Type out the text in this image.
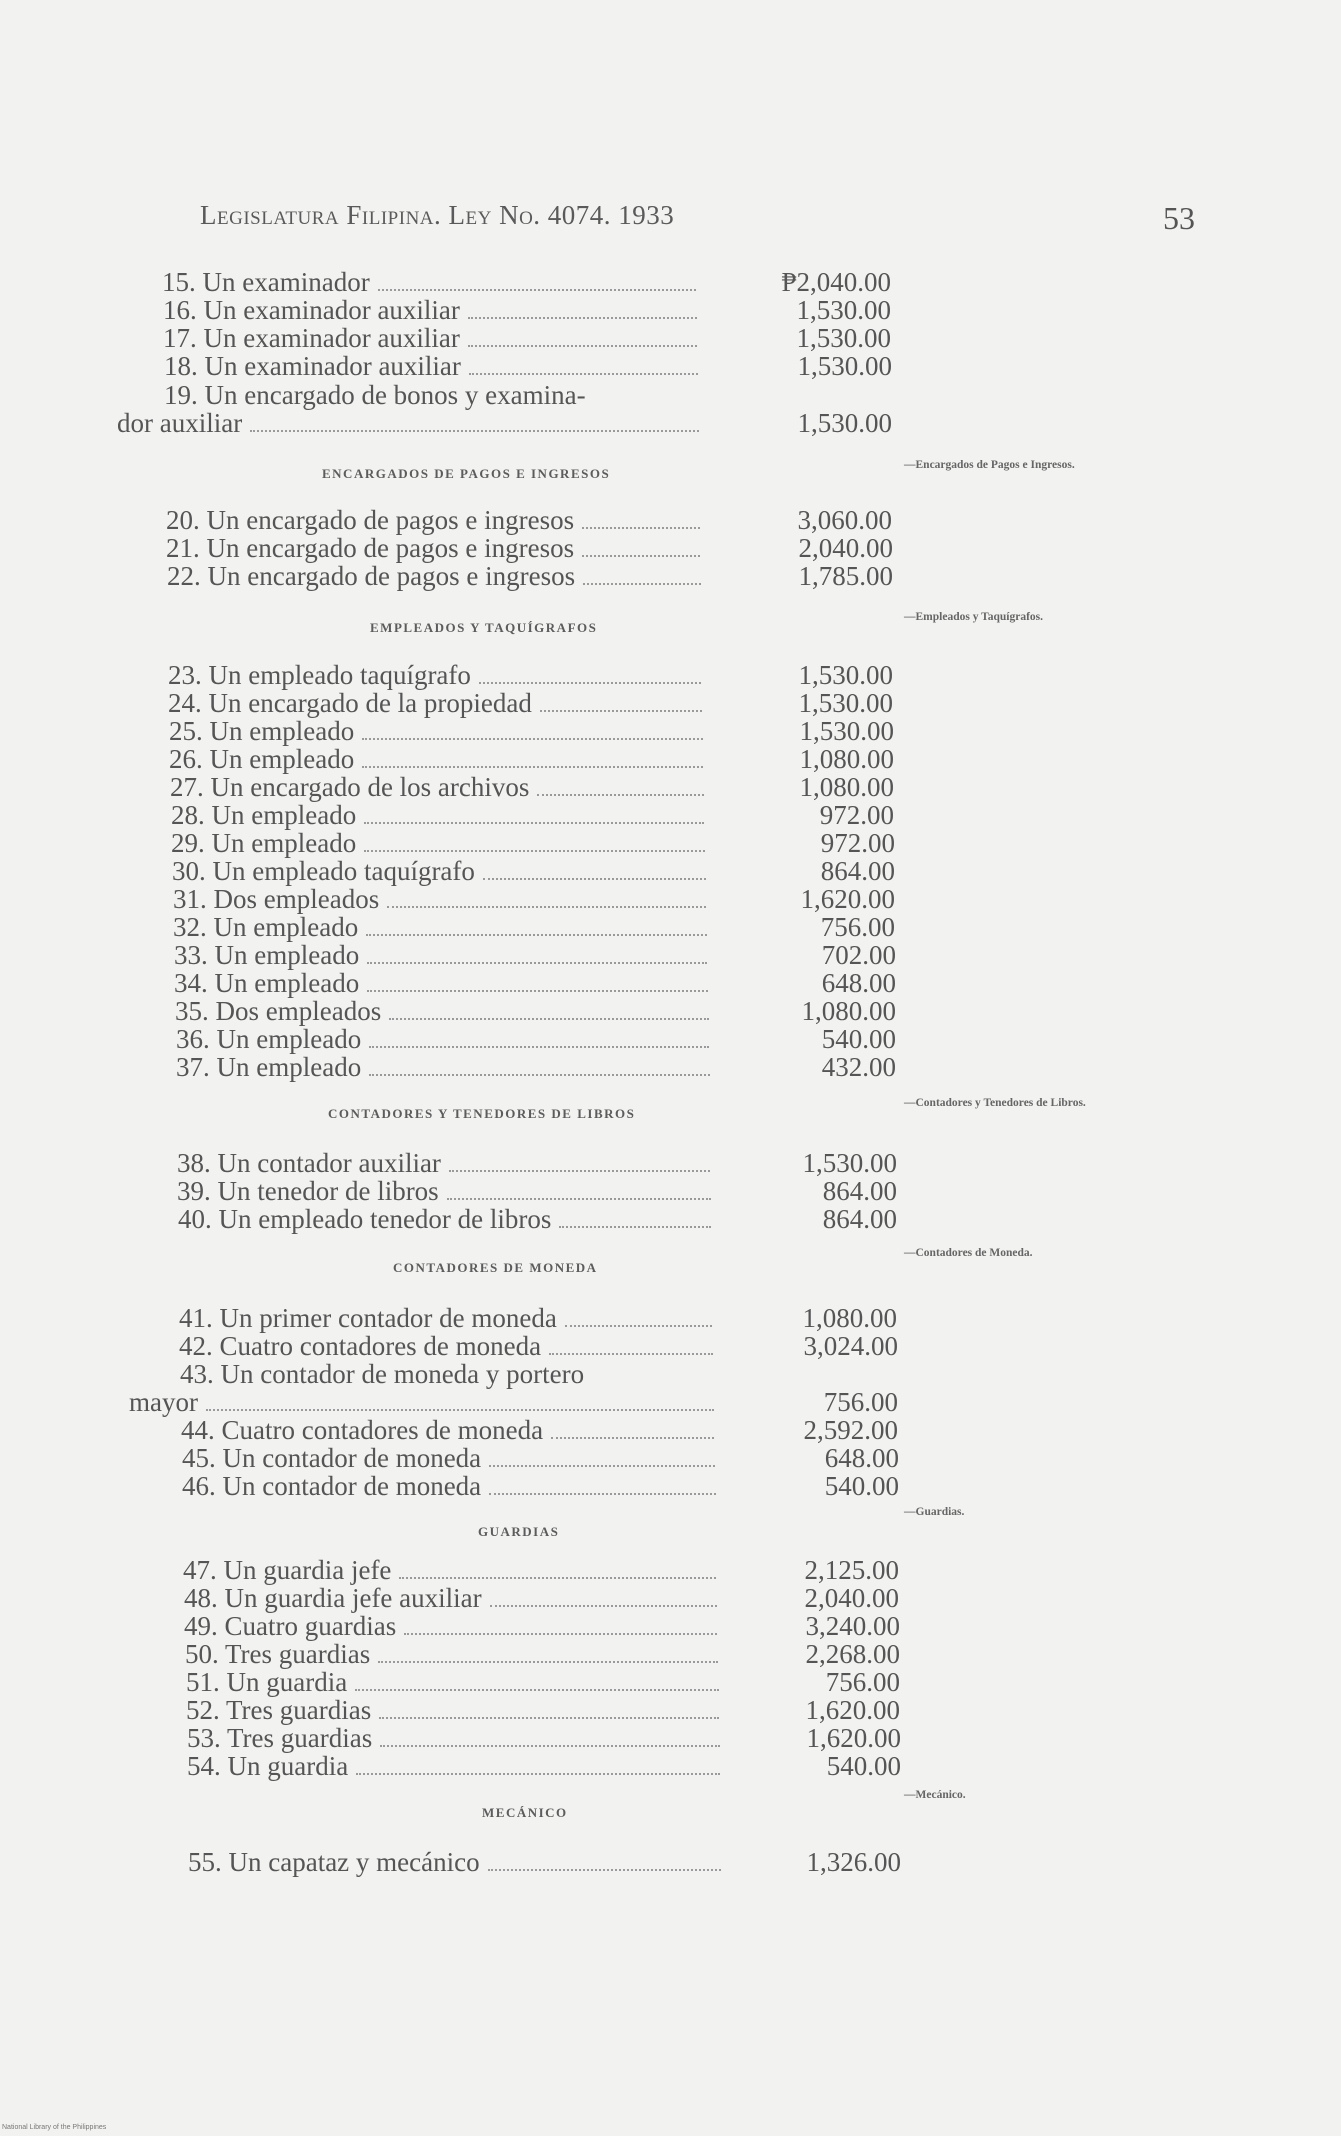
Legislatura Filipina. Ley No. 4074. 1933	53
15. Un examinador	₱2,040.00
16. Un examinador auxiliar	1,530.00
17. Un examinador auxiliar	1,530.00
18. Un examinador auxiliar	1,530.00
19. Un encargado de bonos y examina-
dor auxiliar	1,530.00
20. Un encargado de pagos e ingresos	3,060.00
21. Un encargado de pagos e ingresos	2,040.00
22. Un encargado de pagos e ingresos	1,785.00
23. Un empleado taquígrafo	1,530.00
24. Un encargado de la propiedad	1,530.00
25. Un empleado	1,530.00
26. Un empleado	1,080.00
27. Un encargado de los archivos	1,080.00
28. Un empleado	972.00
29. Un empleado	972.00
30. Un empleado taquígrafo	864.00
31. Dos empleados	1,620.00
32. Un empleado	756.00
33. Un empleado	702.00
34. Un empleado	648.00
35. Dos empleados	1,080.00
36. Un empleado	540.00
37. Un empleado	432.00
38. Un contador auxiliar	1,530.00
39. Un tenedor de libros	864.00
40. Un empleado tenedor de libros	864.00
41. Un primer contador de moneda	1,080.00
42. Cuatro contadores de moneda	3,024.00
43. Un contador de moneda y portero
mayor	756.00
44. Cuatro contadores de moneda	2,592.00
45. Un contador de moneda	648.00
46. Un contador de moneda	540.00
47. Un guardia jefe	2,125.00
48. Un guardia jefe auxiliar	2,040.00
49. Cuatro guardias	3,240.00
50. Tres guardias	2,268.00
51. Un guardia	756.00
52. Tres guardias	1,620.00
53. Tres guardias	1,620.00
54. Un guardia	540.00
55. Un capataz y mecánico	1,326.00
ENCARGADOS DE PAGOS E INGRESOS
EMPLEADOS Y TAQUÍGRAFOS
CONTADORES Y TENEDORES DE LIBROS
CONTADORES DE MONEDA
GUARDIAS
MECÁNICO
—Encargados de Pagos e Ingresos.
—Empleados y Taquígrafos.
—Contadores y Tenedores de Libros.
—Contadores de Moneda.
—Guardias.
—Mecánico.
National Library of the Philippines
